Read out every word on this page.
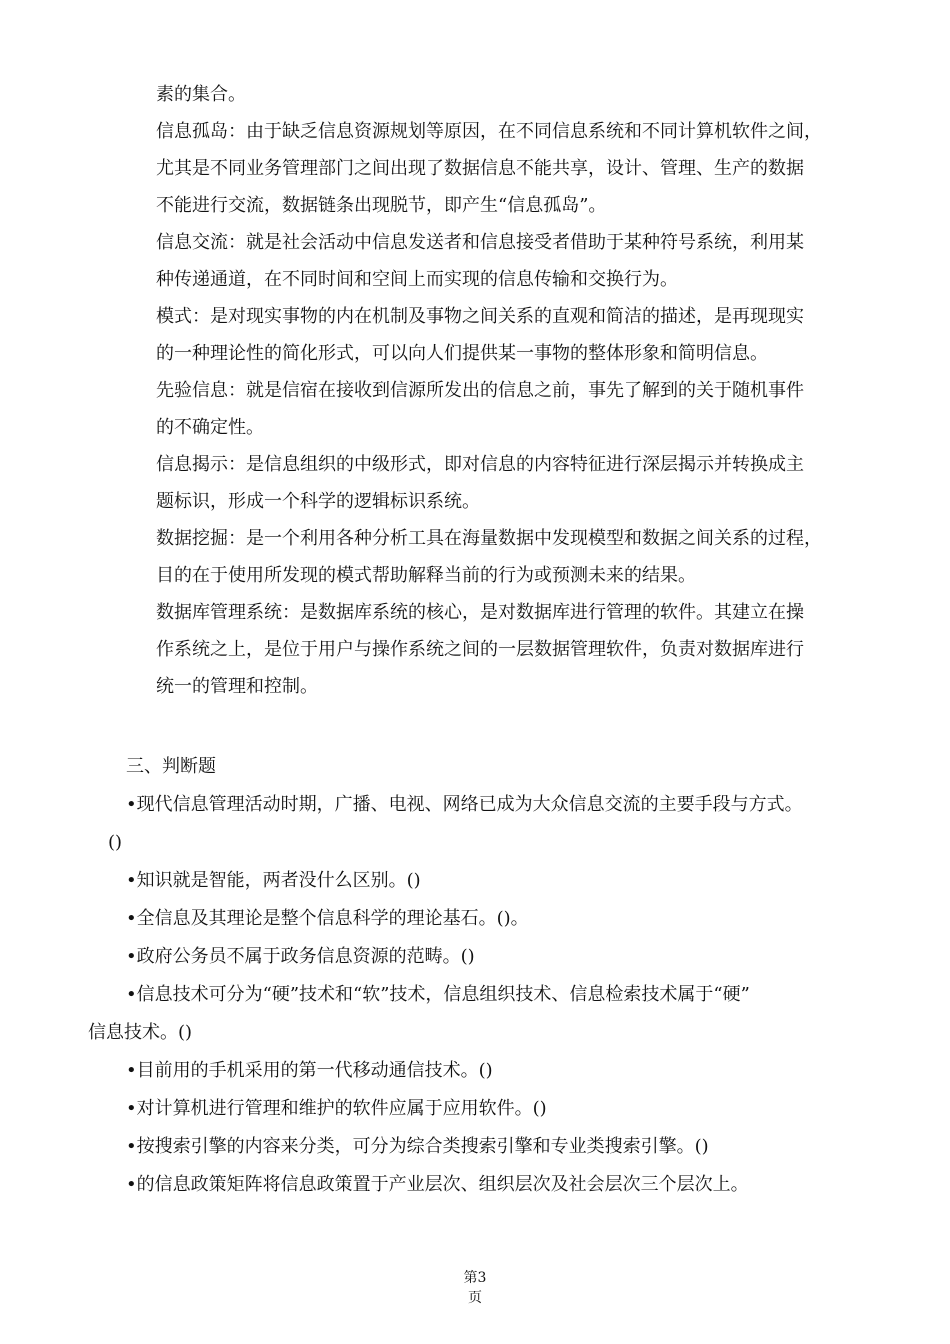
素的集合。

信息孤岛：由于缺乏信息资源规划等原因，在不同信息系统和不同计算机软件之间，
尤其是不同业务管理部门之间出现了数据信息不能共享，设计、管理、生产的数据
不能进行交流，数据链条出现脱节，即产生“信息孤岛”。

信息交流：就是社会活动中信息发送者和信息接受者借助于某种符号系统，利用某
种传递通道，在不同时间和空间上而实现的信息传输和交换行为。

模式：是对现实事物的内在机制及事物之间关系的直观和简洁的描述，是再现现实
的一种理论性的简化形式，可以向人们提供某一事物的整体形象和简明信息。

先验信息：就是信宿在接收到信源所发出的信息之前，事先了解到的关于随机事件
的不确定性。

信息揭示：是信息组织的中级形式，即对信息的内容特征进行深层揭示并转换成主
题标识，形成一个科学的逻辑标识系统。

数据挖掘：是一个利用各种分析工具在海量数据中发现模型和数据之间关系的过程，
目的在于使用所发现的模式帮助解释当前的行为或预测未来的结果。

数据库管理系统：是数据库系统的核心，是对数据库进行管理的软件。其建立在操
作系统之上，是位于用户与操作系统之间的一层数据管理软件，负责对数据库进行
统一的管理和控制。

三、判断题
•现代信息管理活动时期，广播、电视、网络已成为大众信息交流的主要手段与方式。
()
•知识就是智能，两者没什么区别。()
•全信息及其理论是整个信息科学的理论基石。()。
•政府公务员不属于政务信息资源的范畴。()
•信息技术可分为“硬”技术和“软”技术，信息组织技术、信息检索技术属于“硬”
信息技术。()
•目前用的手机采用的第一代移动通信技术。()
•对计算机进行管理和维护的软件应属于应用软件。()
•按搜索引擎的内容来分类，可分为综合类搜索引擎和专业类搜索引擎。()
•的信息政策矩阵将信息政策置于产业层次、组织层次及社会层次三个层次上。
第3
页
